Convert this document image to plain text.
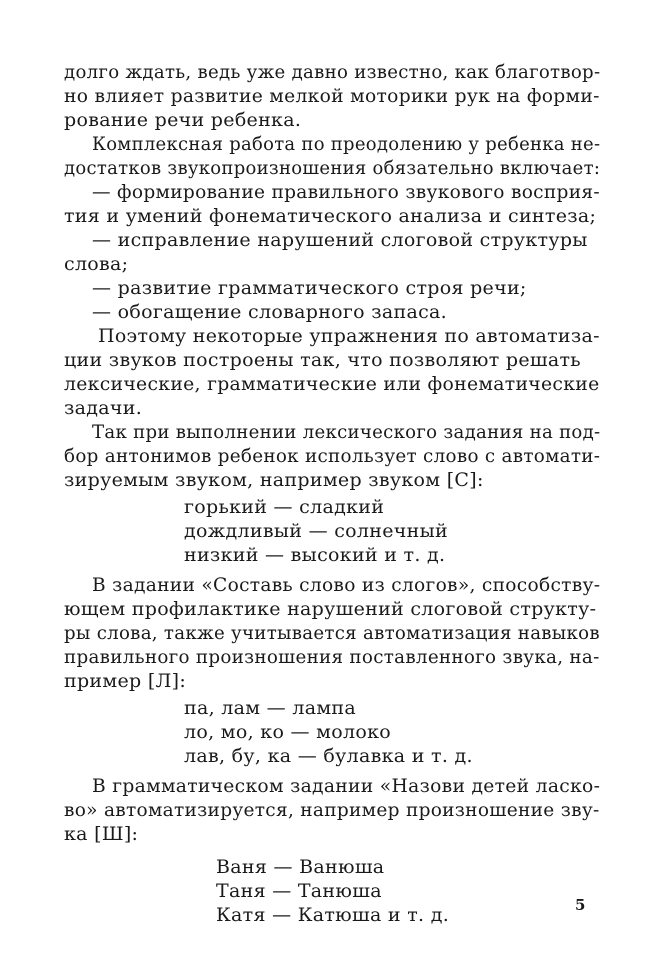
долго ждать, ведь уже давно известно, как благотвор-
но влияет развитие мелкой моторики рук на форми-
рование речи ребенка.
Комплексная работа по преодолению у ребенка не-
достатков звукопроизношения обязательно включает:
— формирование правильного звукового восприя-
тия и умений фонематического анализа и синтеза;
— исправление нарушений слоговой структуры
слова;
— развитие грамматического строя речи;
— обогащение словарного запаса.
Поэтому некоторые упражнения по автоматиза-
ции звуков построены так, что позволяют решать
лексические, грамматические или фонематические
задачи.
Так при выполнении лексического задания на под-
бор антонимов ребенок использует слово с автомати-
зируемым звуком, например звуком [С]:
горький — сладкий
дождливый — солнечный
низкий — высокий и т. д.
В задании «Составь слово из слогов», способству-
ющем профилактике нарушений слоговой структу-
ры слова, также учитывается автоматизация навыков
правильного произношения поставленного звука, на-
пример [Л]:
па, лам — лампа
ло, мо, ко — молоко
лав, бу, ка — булавка и т. д.
В грамматическом задании «Назови детей ласко-
во» автоматизируется, например произношение зву-
ка [Ш]:
Ваня — Ванюша
Таня — Танюша
Катя — Катюша и т. д.	5
